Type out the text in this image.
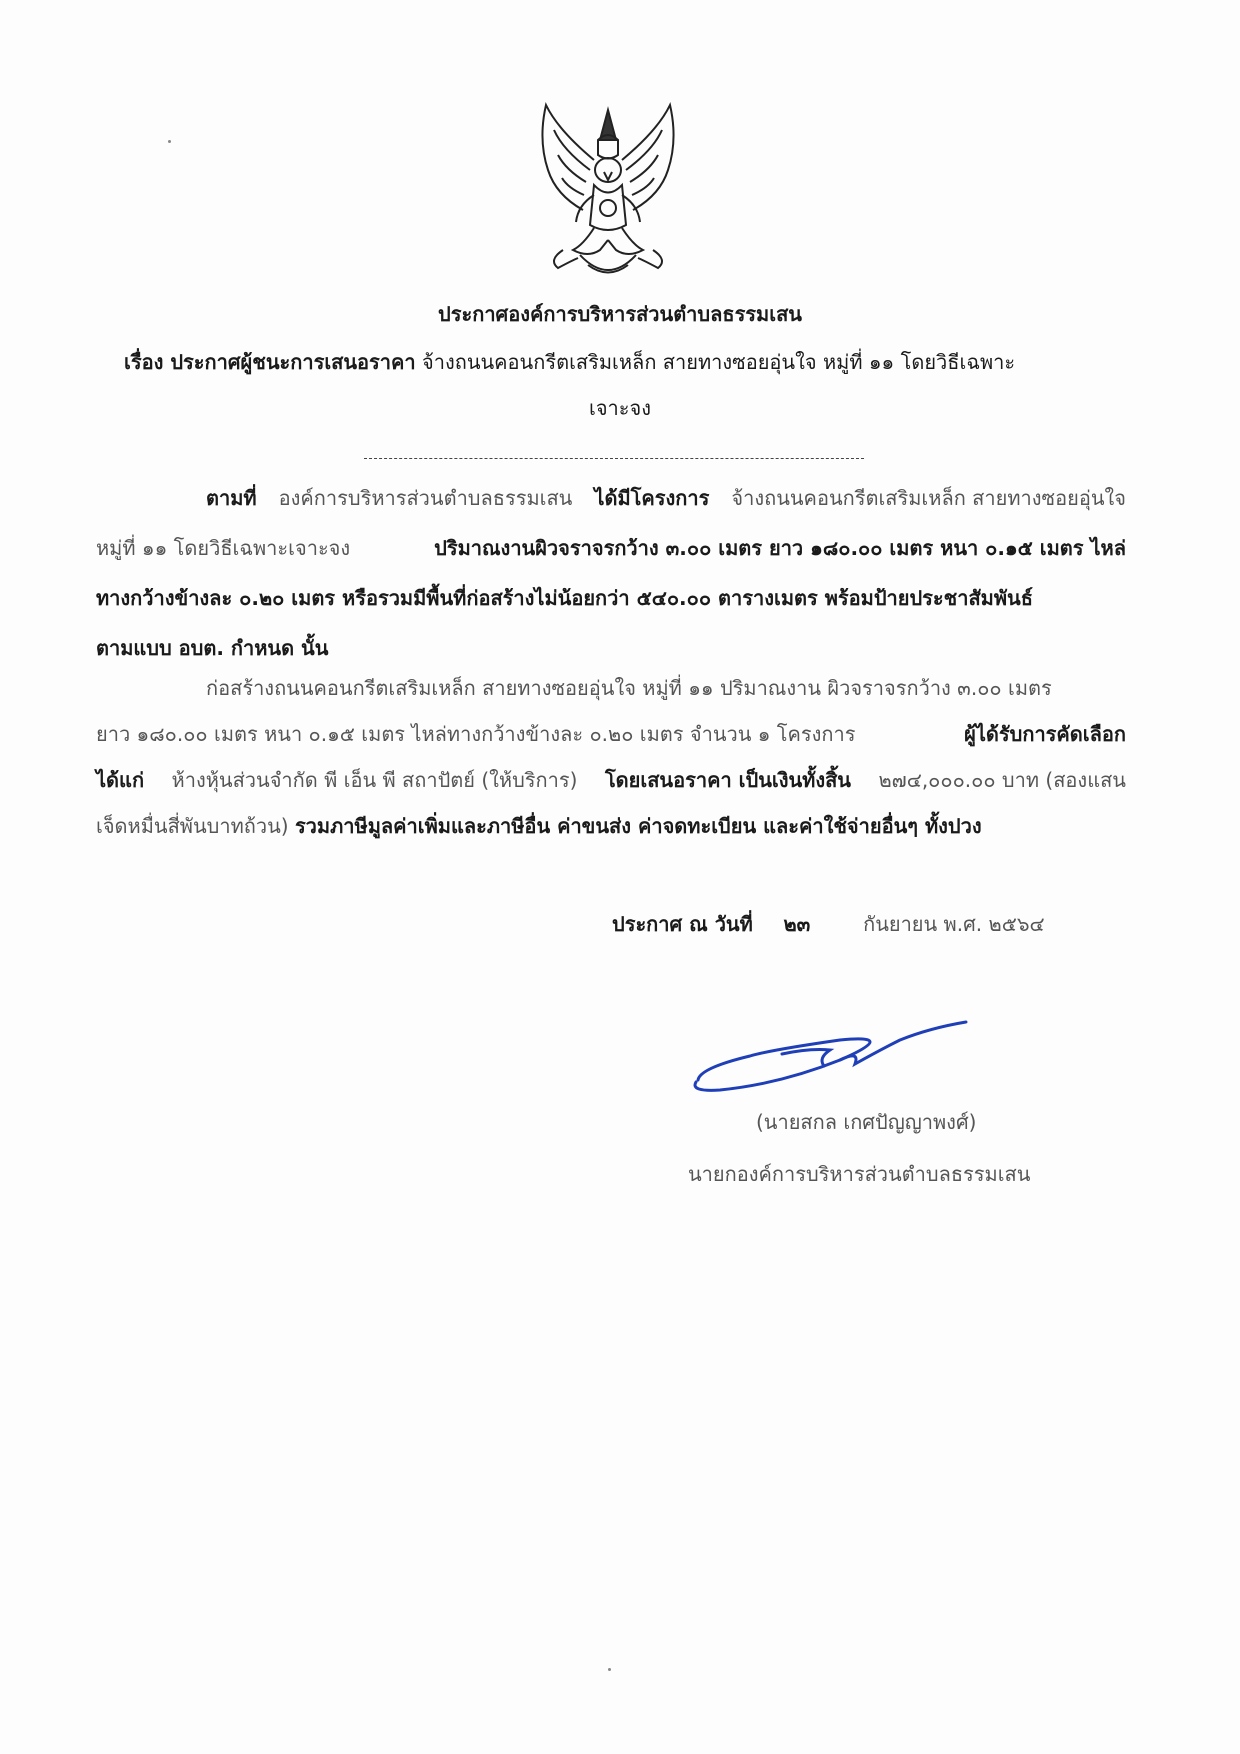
ประกาศองค์การบริหารส่วนตำบลธรรมเสน
เรื่อง ประกาศผู้ชนะการเสนอราคา จ้างถนนคอนกรีตเสริมเหล็ก สายทางซอยอุ่นใจ หมู่ที่ ๑๑ โดยวิธีเฉพาะ
เจาะจง
ตามที่ องค์การบริหารส่วนตำบลธรรมเสน ได้มีโครงการ จ้างถนนคอนกรีตเสริมเหล็ก สายทางซอยอุ่นใจ
หมู่ที่ ๑๑ โดยวิธีเฉพาะเจาะจง	ปริมาณงานผิวจราจรกว้าง ๓.๐๐ เมตร ยาว ๑๘๐.๐๐ เมตร หนา ๐.๑๕ เมตร ไหล่
ทางกว้างข้างละ ๐.๒๐ เมตร หรือรวมมีพื้นที่ก่อสร้างไม่น้อยกว่า ๕๔๐.๐๐ ตารางเมตร พร้อมป้ายประชาสัมพันธ์
ตามแบบ อบต. กำหนด นั้น
ก่อสร้างถนนคอนกรีตเสริมเหล็ก สายทางซอยอุ่นใจ หมู่ที่ ๑๑ ปริมาณงาน ผิวจราจรกว้าง ๓.๐๐ เมตร
ยาว ๑๘๐.๐๐ เมตร หนา ๐.๑๕ เมตร ไหล่ทางกว้างข้างละ ๐.๒๐ เมตร จำนวน ๑ โครงการ	ผู้ได้รับการคัดเลือก
ได้แก่ ห้างหุ้นส่วนจำกัด พี เอ็น พี สถาปัตย์ (ให้บริการ) โดยเสนอราคา เป็นเงินทั้งสิ้น ๒๗๔,๐๐๐.๐๐ บาท (สองแสน
เจ็ดหมื่นสี่พันบาทถ้วน) รวมภาษีมูลค่าเพิ่มและภาษีอื่น ค่าขนส่ง ค่าจดทะเบียน และค่าใช้จ่ายอื่นๆ ทั้งปวง
ประกาศ ณ วันที่ ๒๓	กันยายน พ.ศ. ๒๕๖๔
(นายสกล เกศปัญญาพงศ์)
นายกองค์การบริหารส่วนตำบลธรรมเสน
